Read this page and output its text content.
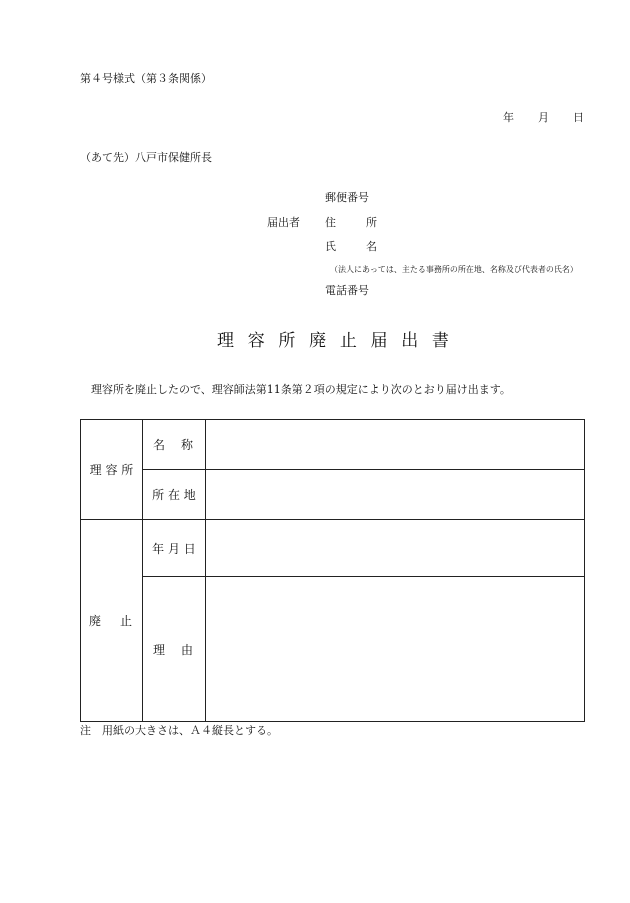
第４号様式（第３条関係）
年 月 日
（あて先）八戸市保健所長
郵便番号
届出者 住	所
氏	名
（法人にあっては、主たる事務所の所在地、名称及び代表者の氏名）
電話番号
理 容 所 廃 止 届 出 書
理容所を廃止したので、理容師法第11条第２項の規定により次のとおり届け出ます。
理 容 所	名 称	

	所 在 地	

廃 止	年 月 日	

	理 由	

注　用紙の大きさは、Ａ４縦長とする。
